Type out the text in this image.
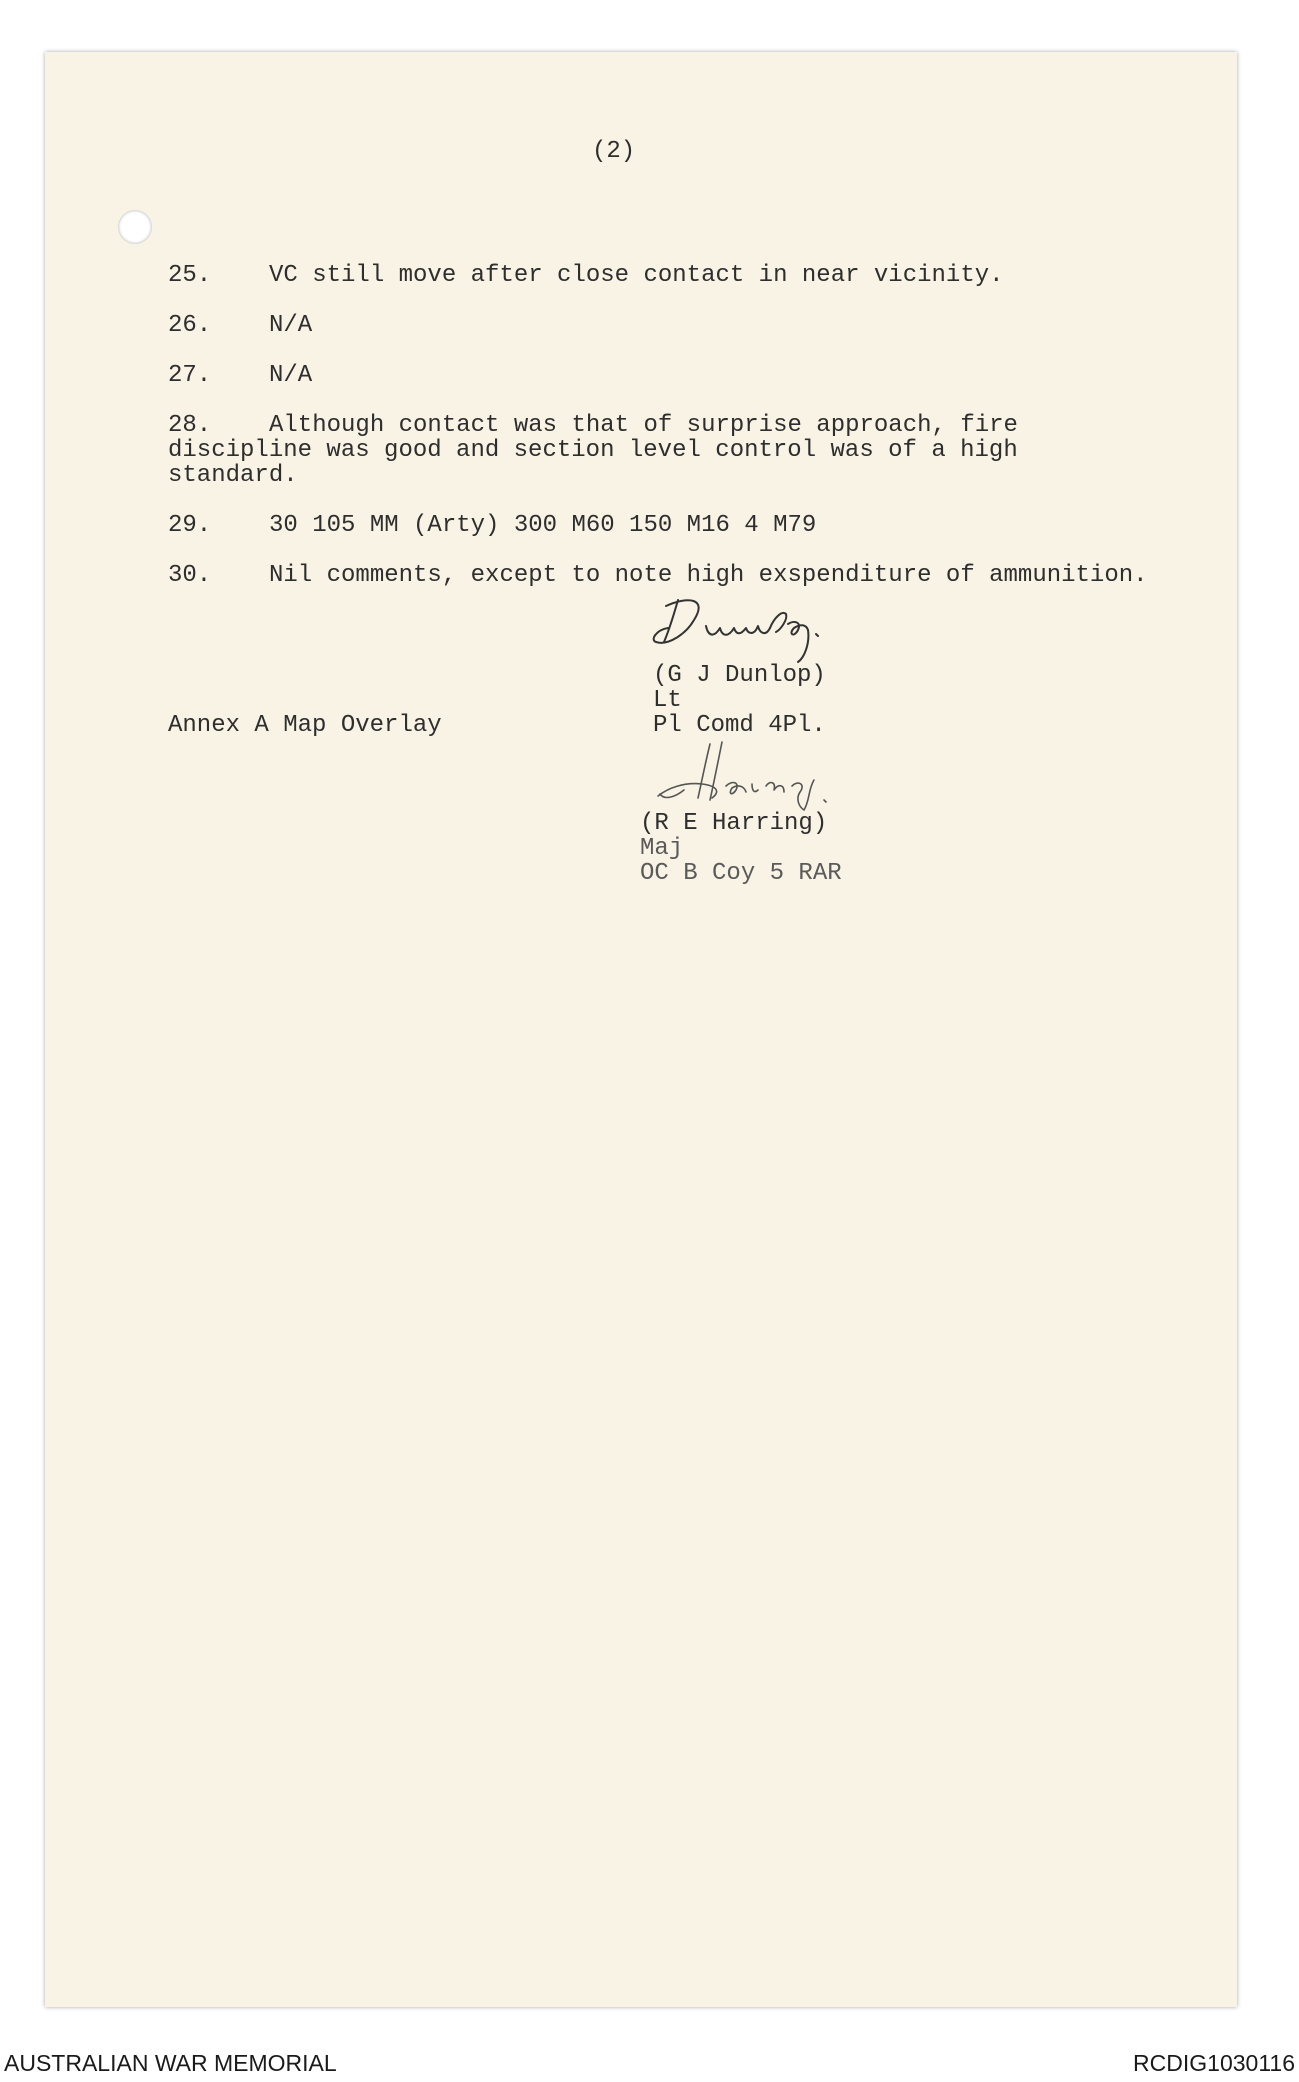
(2)
25. VC still move after close contact in near vicinity.
26. N/A
27. N/A
28. Although contact was that of surprise approach, fire
discipline was good and section level control was of a high
standard.
29. 30 105 MM (Arty) 300 M60 150 M16 4 M79
30. Nil comments, except to note high exspenditure of ammunition.
(G J Dunlop)
Lt
Pl Comd 4Pl.
Annex A Map Overlay
(R E Harring)
Maj
OC B Coy 5 RAR
AUSTRALIAN WAR MEMORIAL	RCDIG1030116
